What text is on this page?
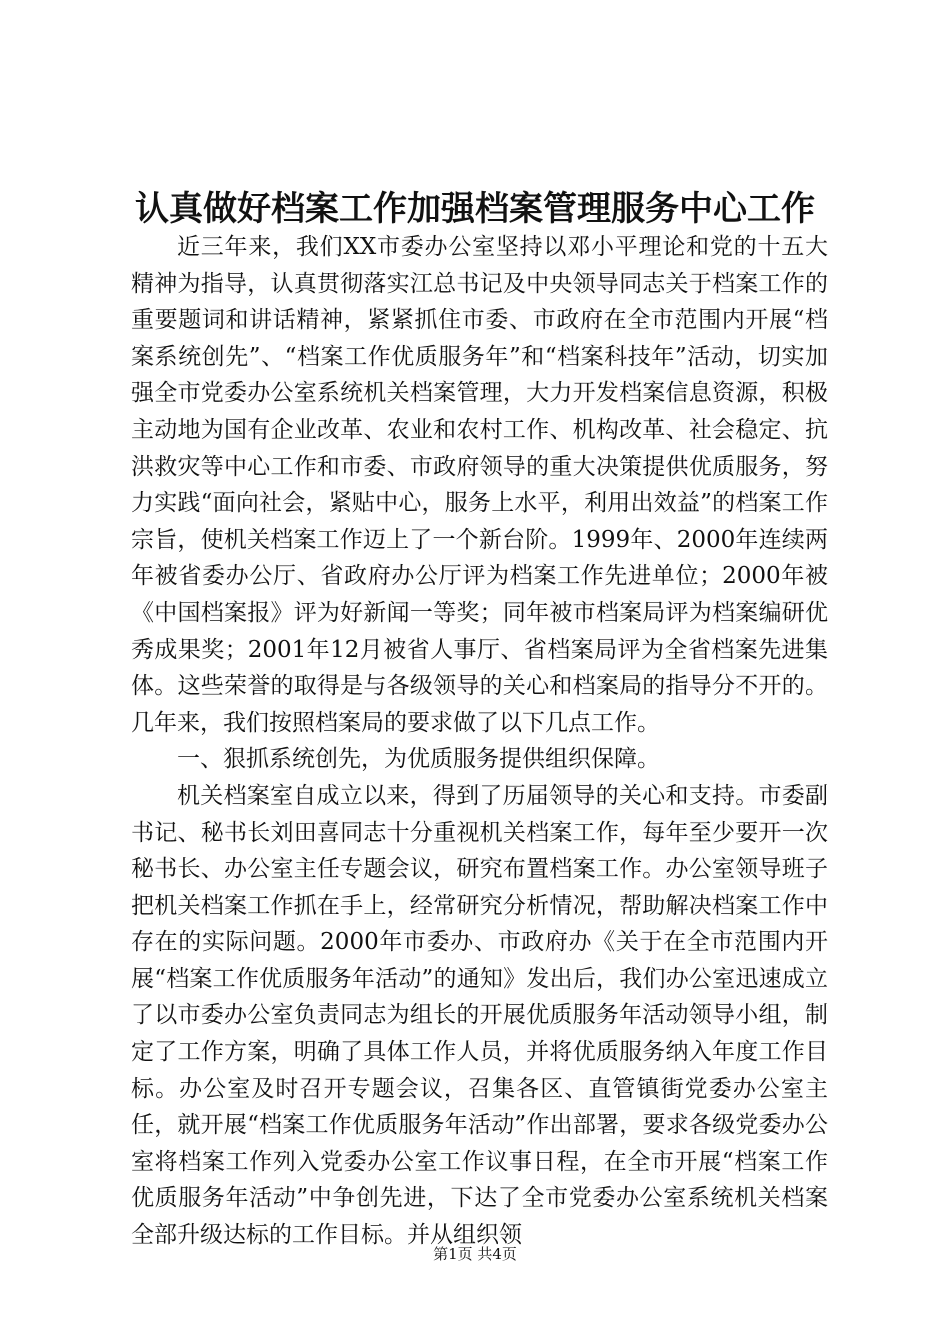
认真做好档案工作加强档案管理服务中心工作

近三年来，我们XX市委办公室坚持以邓小平理论和党的十五大精神为指导，认真贯彻落实江总书记及中央领导同志关于档案工作的重要题词和讲话精神，紧紧抓住市委、市政府在全市范围内开展“档案系统创先”、“档案工作优质服务年”和“档案科技年”活动，切实加强全市党委办公室系统机关档案管理，大力开发档案信息资源，积极主动地为国有企业改革、农业和农村工作、机构改革、社会稳定、抗洪救灾等中心工作和市委、市政府领导的重大决策提供优质服务，努力实践“面向社会，紧贴中心，服务上水平，利用出效益”的档案工作宗旨，使机关档案工作迈上了一个新台阶。1999年、2000年连续两年被省委办公厅、省政府办公厅评为档案工作先进单位；2000年被《中国档案报》评为好新闻一等奖；同年被市档案局评为档案编研优秀成果奖；2001年12月被省人事厅、省档案局评为全省档案先进集体。这些荣誉的取得是与各级领导的关心和档案局的指导分不开的。几年来，我们按照档案局的要求做了以下几点工作。

一、狠抓系统创先，为优质服务提供组织保障。

机关档案室自成立以来，得到了历届领导的关心和支持。市委副书记、秘书长刘田喜同志十分重视机关档案工作，每年至少要开一次秘书长、办公室主任专题会议，研究布置档案工作。办公室领导班子把机关档案工作抓在手上，经常研究分析情况，帮助解决档案工作中存在的实际问题。2000年市委办、市政府办《关于在全市范围内开展“档案工作优质服务年活动”的通知》发出后，我们办公室迅速成立了以市委办公室负责同志为组长的开展优质服务年活动领导小组，制定了工作方案，明确了具体工作人员，并将优质服务纳入年度工作目标。办公室及时召开专题会议，召集各区、直管镇街党委办公室主任，就开展“档案工作优质服务年活动”作出部署，要求各级党委办公室将档案工作列入党委办公室工作议事日程，在全市开展“档案工作优质服务年活动”中争创先进，下达了全市党委办公室系统机关档案全部升级达标的工作目标。并从组织领

第1页 共4页
